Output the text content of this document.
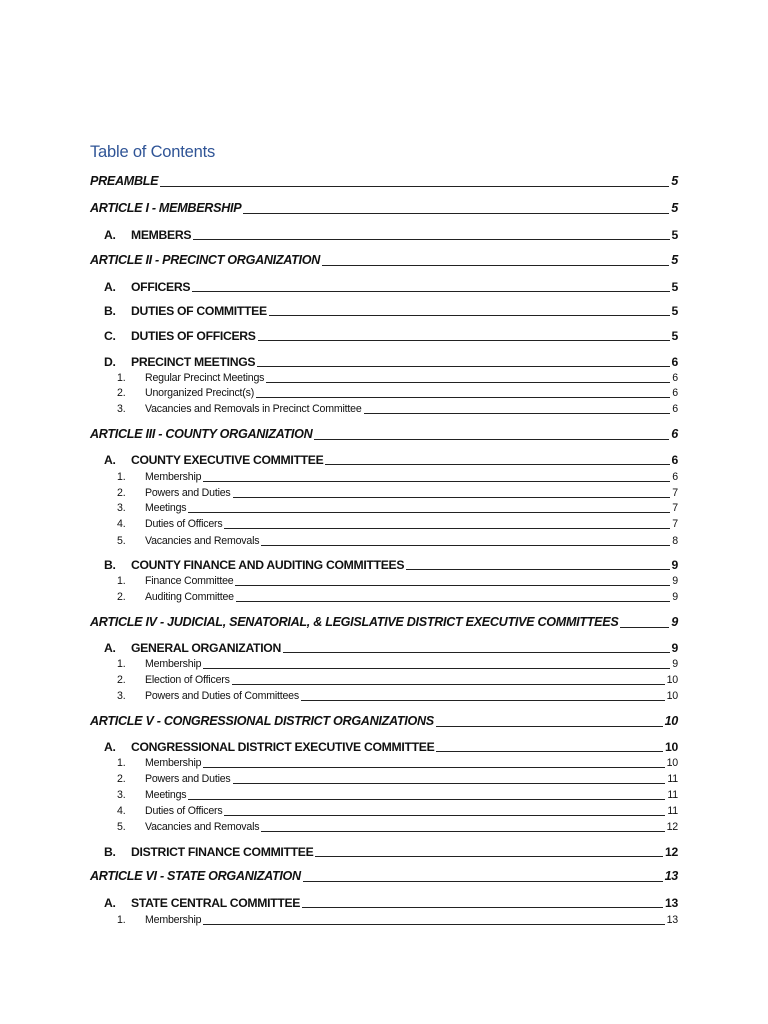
Table of Contents
PREAMBLE	5
ARTICLE I - MEMBERSHIP	5
A.	MEMBERS	5
ARTICLE II - PRECINCT ORGANIZATION	5
A.	OFFICERS	5
B.	DUTIES OF COMMITTEE	5
C.	DUTIES OF OFFICERS	5
D.	PRECINCT MEETINGS	6
1.	Regular Precinct Meetings	6
2.	Unorganized Precinct(s)	6
3.	Vacancies and Removals in Precinct Committee	6
ARTICLE III - COUNTY ORGANIZATION	6
A.	COUNTY EXECUTIVE COMMITTEE	6
1.	Membership	6
2.	Powers and Duties	7
3.	Meetings	7
4.	Duties of Officers	7
5.	Vacancies and Removals	8
B.	COUNTY FINANCE AND AUDITING COMMITTEES	9
1.	Finance Committee	9
2.	Auditing Committee	9
ARTICLE IV - JUDICIAL, SENATORIAL, & LEGISLATIVE DISTRICT EXECUTIVE COMMITTEES	9
A.	GENERAL ORGANIZATION	9
1.	Membership	9
2.	Election of Officers	10
3.	Powers and Duties of Committees	10
ARTICLE V - CONGRESSIONAL DISTRICT ORGANIZATIONS	10
A.	CONGRESSIONAL DISTRICT EXECUTIVE COMMITTEE	10
1.	Membership	10
2.	Powers and Duties	11
3.	Meetings	11
4.	Duties of Officers	11
5.	Vacancies and Removals	12
B.	DISTRICT FINANCE COMMITTEE	12
ARTICLE VI - STATE ORGANIZATION	13
A.	STATE CENTRAL COMMITTEE	13
1.	Membership	13
